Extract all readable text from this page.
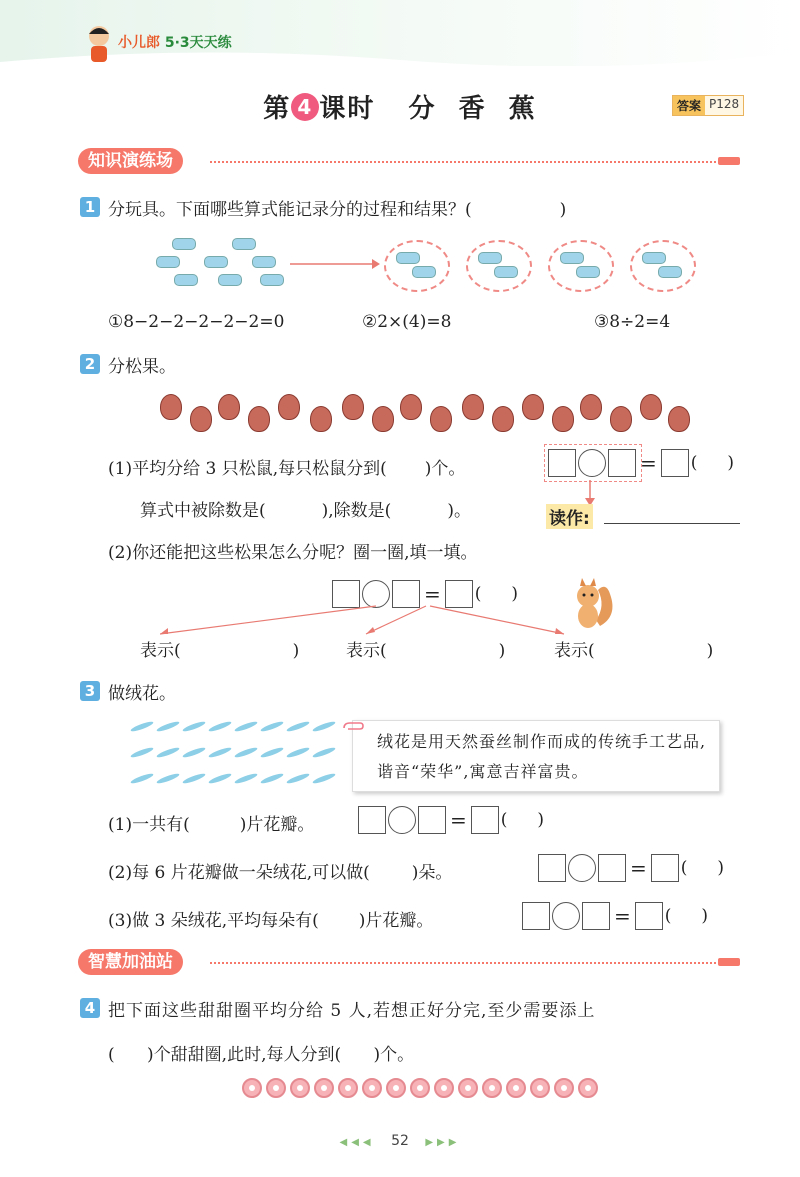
小儿郎 5·3天天练
第 4 课时   分  香  蕉	答案 P128
知识演练场
1 分玩具。下面哪些算式能记录分的过程和结果？(	)
①8−2−2−2−2−2=0	②2×(4)=8	③8÷2=4
2 分松果。
(1)平均分给 3 只松鼠,每只松鼠分到( )个。	= ( )
算式中被除数是(	),除数是(	)。	读作:
(2)你还能把这些松果怎么分呢？圈一圈,填一填。
= ( )
表示(	)	表示(	)	表示(	)
3 做绒花。
绒花是用天然蚕丝制作而成的传统手工艺品,谐音“荣华”,寓意吉祥富贵。
(1)一共有(	)片花瓣。	= ( )
(2)每 6 片花瓣做一朵绒花,可以做( )朵。	= ( )
(3)做 3 朵绒花,平均每朵有( )片花瓣。	= ( )
智慧加油站
4 把下面这些甜甜圈平均分给 5 人,若想正好分完,至少需要添上
(      )个甜甜圈,此时,每人分到(      )个。
◀◀◀ 52 ▶▶▶
